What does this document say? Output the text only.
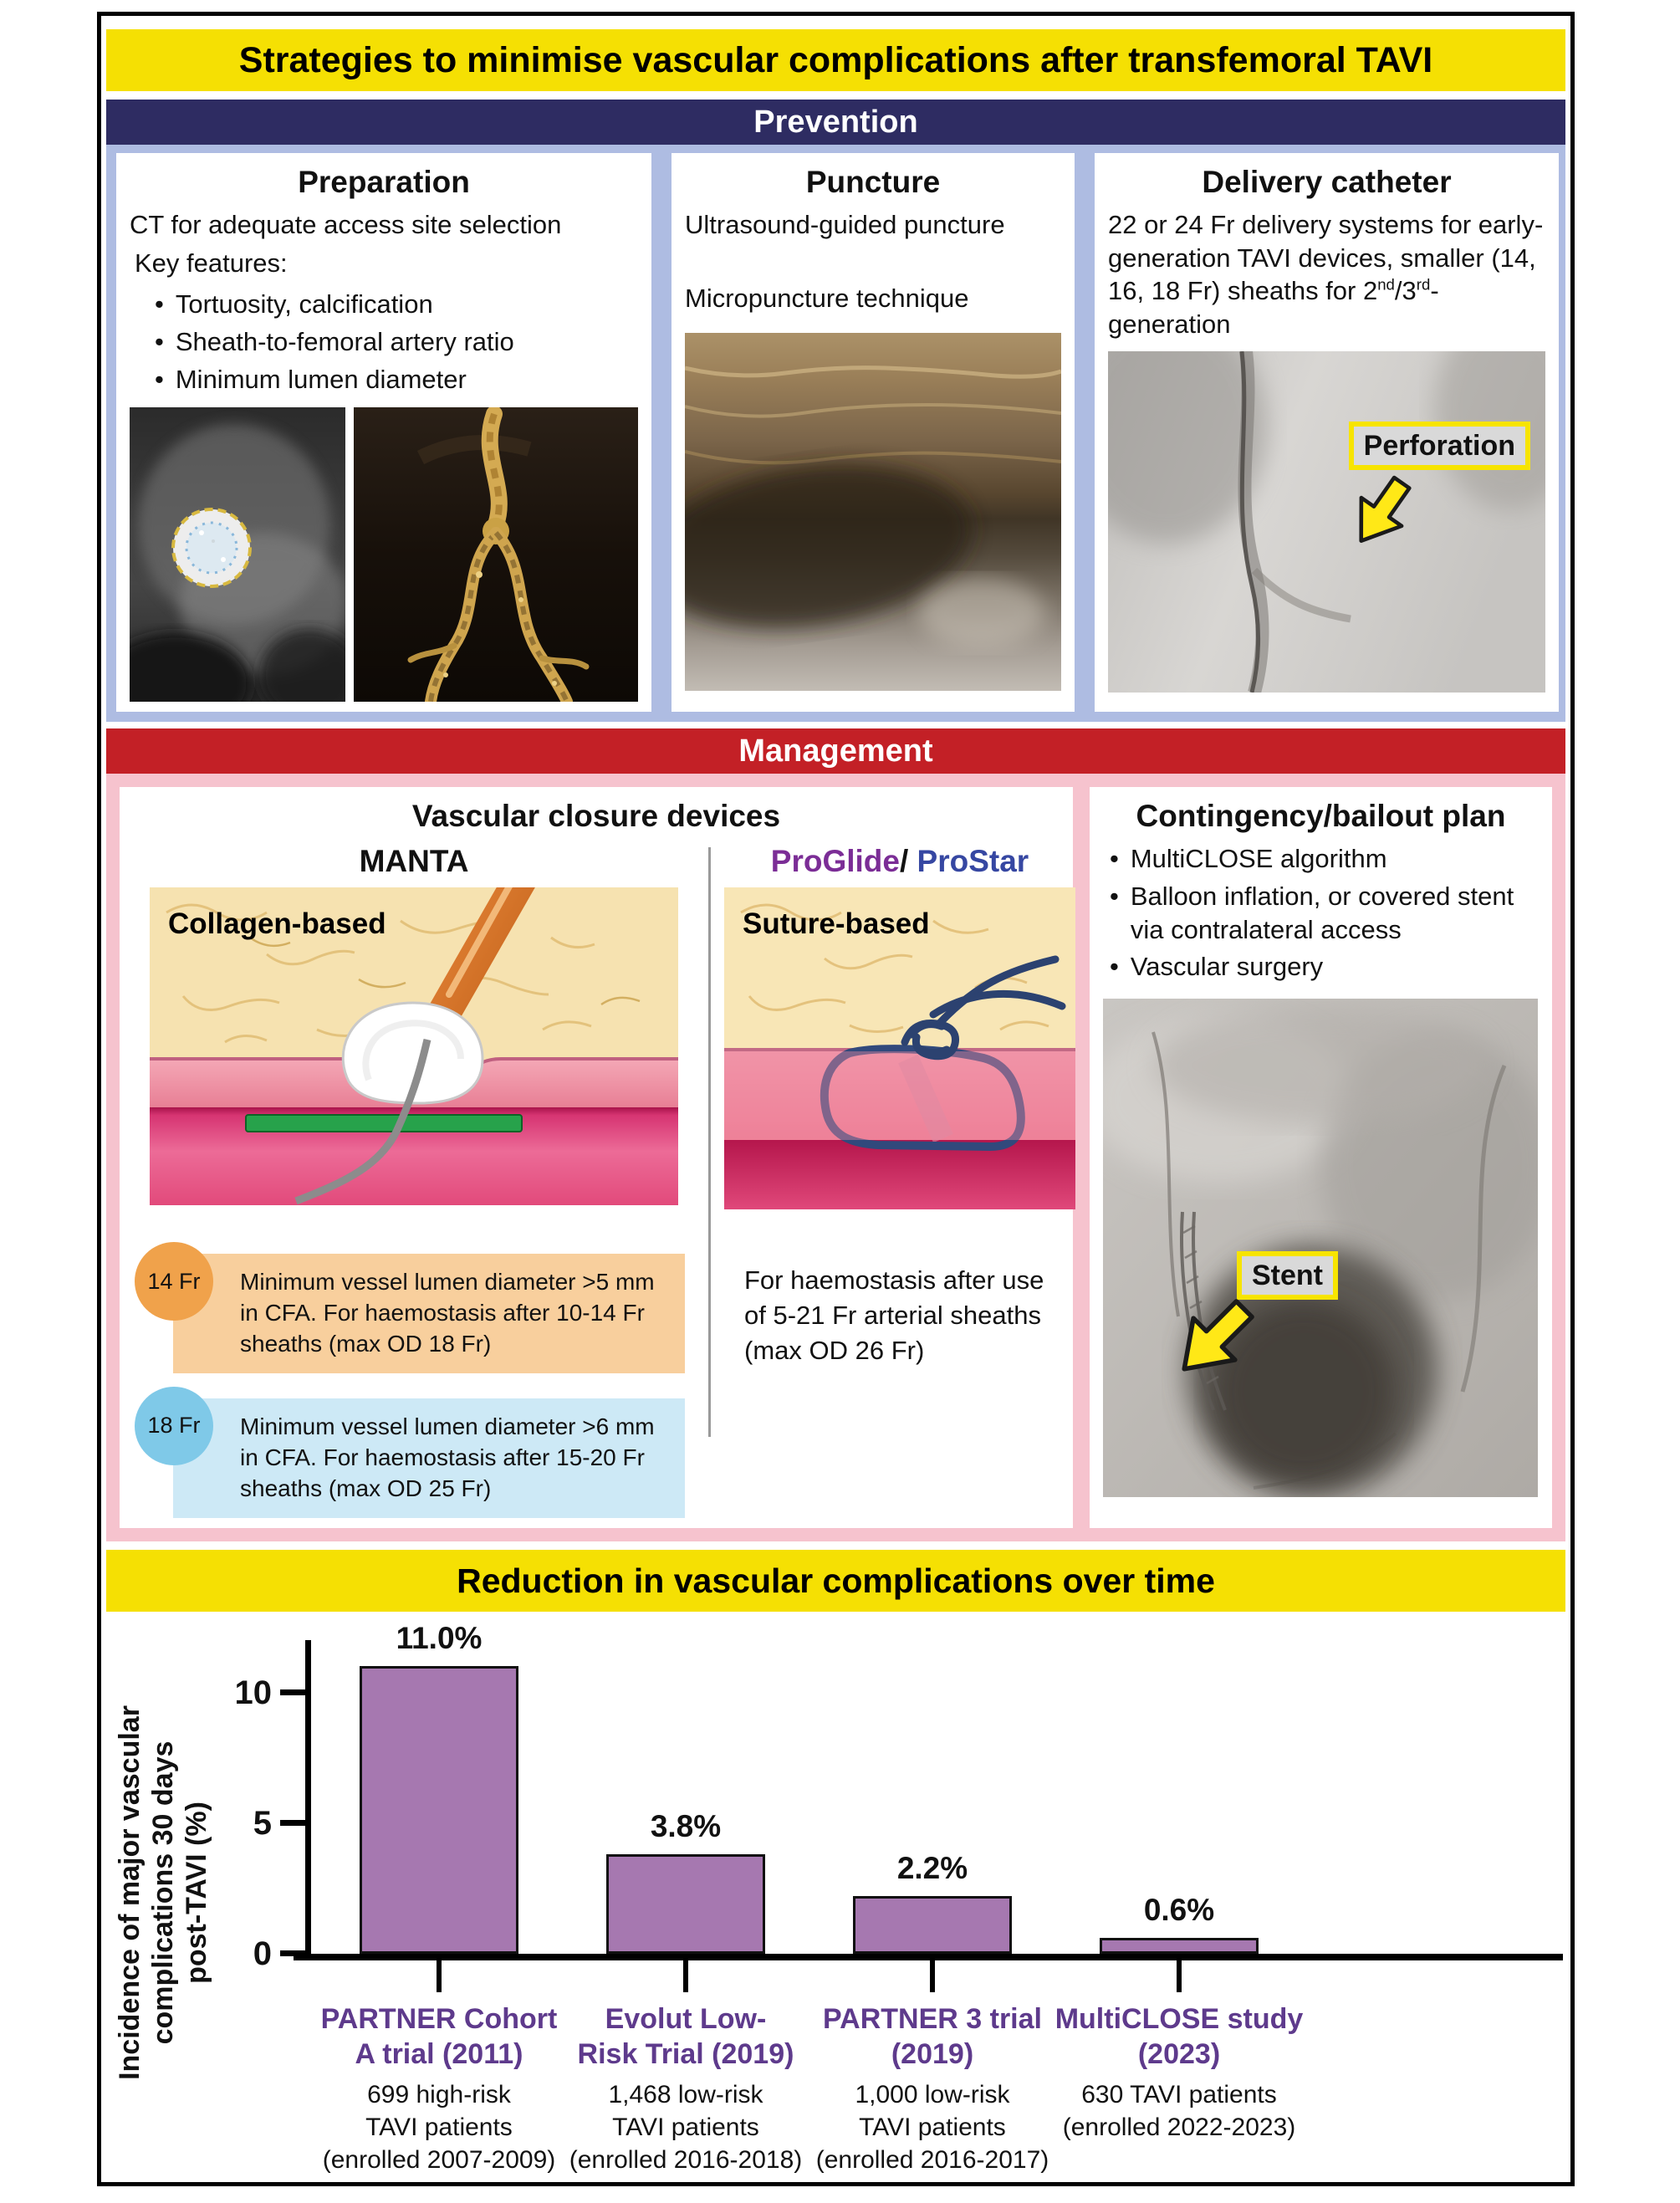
Strategies to minimise vascular complications after transfemoral TAVI
Prevention
Preparation

CT for adequate access site selection

Key features:

• Tortuosity, calcification
• Sheath-to-femoral artery ratio
• Minimum lumen diameter
Puncture

Ultrasound-guided puncture

Micropuncture technique

Delivery catheter

22 or 24 Fr delivery systems for early-generation TAVI devices, smaller (14, 16, 18 Fr) sheaths for 2nd/3rd-generation

Perforation
Management
Vascular closure devices
MANTA
Collagen-based
14 Fr	Minimum vessel lumen diameter >5 mm in CFA. For haemostasis after 10-14 Fr sheaths (max OD 18 Fr)
18 Fr	Minimum vessel lumen diameter >6 mm in CFA. For haemostasis after 15-20 Fr sheaths (max OD 25 Fr)
ProGlide/ ProStar
Suture-based
For haemostasis after use of 5-21 Fr arterial sheaths (max OD 26 Fr)
Contingency/bailout plan
• MultiCLOSE algorithm
• Balloon inflation, or covered stent via contralateral access
• Vascular surgery
Stent
Reduction in vascular complications over time
Incidence of major vascular complications 30 days post-TAVI (%)	0
5
10
11.0%
PARTNER Cohort
A trial (2011)
699 high-risk
TAVI patients
(enrolled 2007-2009)
3.8%
Evolut Low-
Risk Trial (2019)
1,468 low-risk
TAVI patients
(enrolled 2016-2018)
2.2%
PARTNER 3 trial
(2019)
1,000 low-risk
TAVI patients
(enrolled 2016-2017)
0.6%
MultiCLOSE study
(2023)
630 TAVI patients
(enrolled 2022-2023)
